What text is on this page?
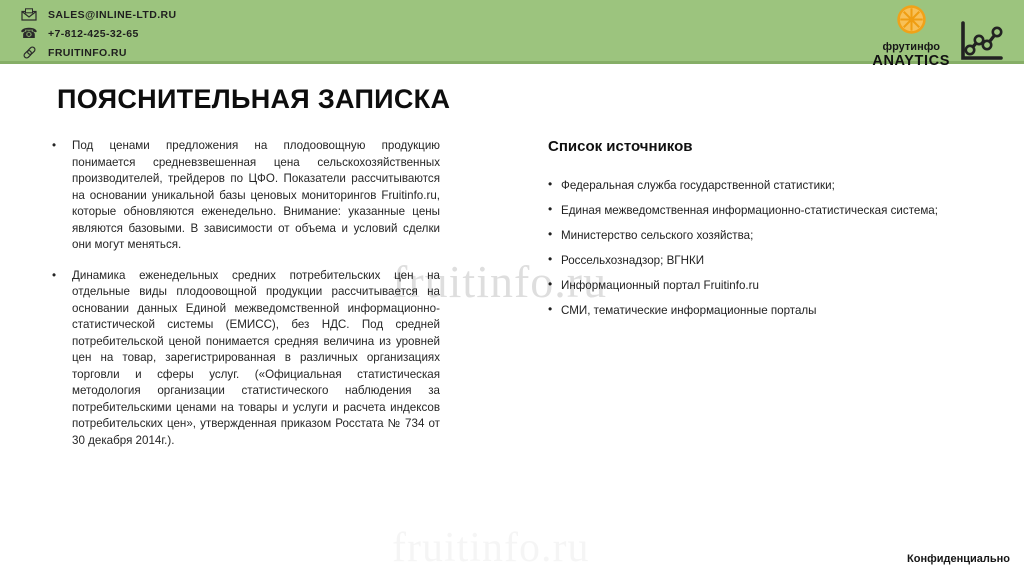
SALES@INLINE-LTD.RU
☎ +7-812-425-32-65
FRUITINFO.RU	фрутинфо
ANAYTICS
ПОЯСНИТЕЛЬНАЯ ЗАПИСКА
fruitinfo.ru
• Под ценами предложения на плодоовощную продукцию понимается средневзвешенная цена сельскохозяйственных производителей, трейдеров по ЦФО. Показатели рассчитываются на основании уникальной базы ценовых мониторингов Fruitinfo.ru, которые обновляются еженедельно. Внимание: указанные цены являются базовыми. В зависимости от объема и условий сделки они могут меняться.
• Динамика еженедельных средних потребительских цен на отдельные виды плодоовощной продукции рассчитывается на основании данных Единой межведомственной информационно-статистической системы (ЕМИСС), без НДС. Под средней потребительской ценой понимается средняя величина из уровней цен на товар, зарегистрированная в различных организациях торговли и сферы услуг. («Официальная статистическая методология организации статистического наблюдения за потребительскими ценами на товары и услуги и расчета индексов потребительских цен», утвержденная приказом Росстата № 734 от 30 декабря 2014г.).
Список источников
• Федеральная служба государственной статистики;
• Единая межведомственная информационно-статистическая система;
• Министерство сельского хозяйства;
• Россельхознадзор; ВГНКИ
• Информационный портал Fruitinfo.ru
• СМИ, тематические информационные порталы
Конфиденциально
